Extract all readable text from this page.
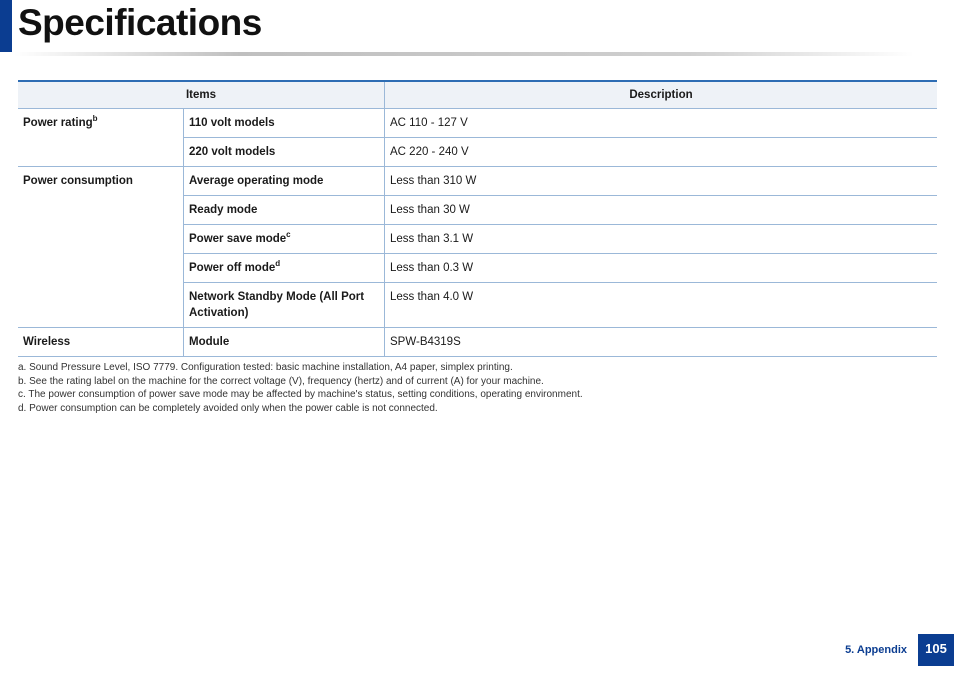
Specifications
Items		Description
Power rating$^b$	110 volt models	AC 110 - 127 V
	220 volt models	AC 220 - 240 V
Power consumption	Average operating mode	Less than 310 W
	Ready mode	Less than 30 W
	Power save mode$^c$	Less than 3.1 W
	Power off mode$^d$	Less than 0.3 W
	Network Standby Mode (All Port Activation)	Less than 4.0 W
Wireless	Module	SPW-B4319S
a. Sound Pressure Level, ISO 7779. Configuration tested: basic machine installation, A4 paper, simplex printing.
b. See the rating label on the machine for the correct voltage (V), frequency (hertz) and of current (A) for your machine.
c. The power consumption of power save mode may be affected by machine's status, setting conditions, operating environment.
d. Power consumption can be completely avoided only when the power cable is not connected.
5. Appendix	105
